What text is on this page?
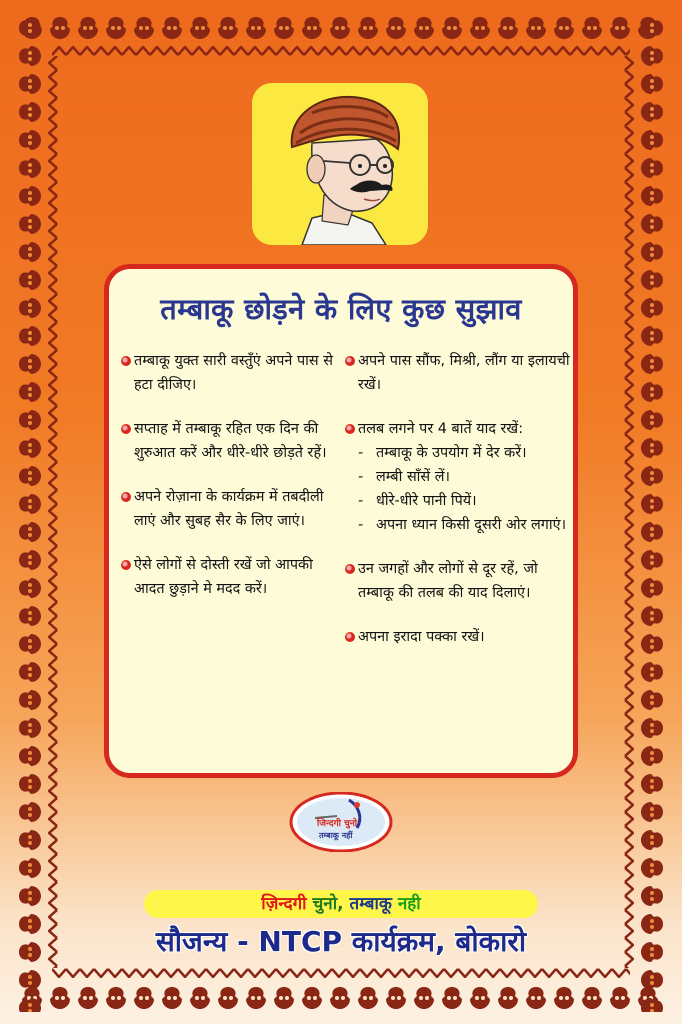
तम्बाकू छोड़ने के लिए कुछ सुझाव
तम्बाकू युक्त सारी वस्तुँएं अपने पास से हटा दीजिए।
सप्ताह में तम्बाकू रहित एक दिन की शुरुआत करें और धीरे-धीरे छोड़ते रहें।
अपने रोज़ाना के कार्यक्रम में तबदीली लाएं और सुबह सैर के लिए जाएं।
ऐसे लोगों से दोस्ती रखें जो आपकी आदत छुड़ाने मे मदद करें।
अपने पास सौंफ, मिश्री, लौंग या इलायची रखें।
तलब लगने पर 4 बातें याद रखें:
- तम्बाकू के उपयोग में देर करें।
- लम्बी साँसें लें।
- धीरे-धीरे पानी पियें।
- अपना ध्यान किसी दूसरी ओर लगाएं।
उन जगहों और लोगों से दूर रहें, जो तम्बाकू की तलब की याद दिलाएं।
अपना इरादा पक्का रखें।
जिन्दगी चुनो
तम्बाकू नहीं
ज़िन्दगी चुनो, तम्बाकू नही
सौजन्य - NTCP कार्यक्रम, बोकारो
